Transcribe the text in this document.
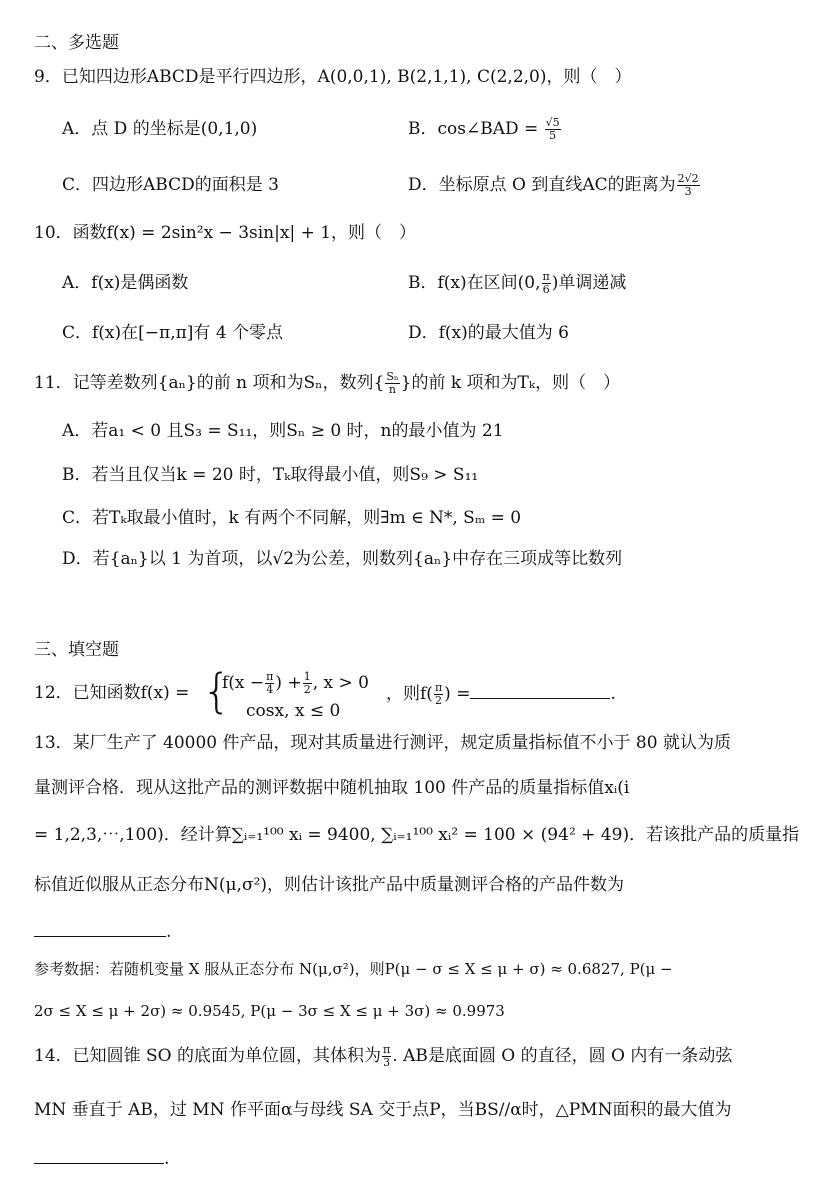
二、多选题
9．已知四边形ABCD是平行四边形，A(0,0,1), B(2,1,1), C(2,2,0)，则（　）
A．点 D 的坐标是(0,1,0)	B．cos∠BAD = $\frac{√5}{5}$
C．四边形ABCD的面积是 3	D．坐标原点 O 到直线AC的距离为 $\frac{2√2}{3}$
10．函数f(x) = 2sin²x − 3sin|x| + 1，则（　）
A．f(x)是偶函数	B．f(x)在区间(0, $\frac{\pi}{6}$ )单调递减
C．f(x)在[−π,π]有 4 个零点	D．f(x)的最大值为 6
11．记等差数列{aₙ}的前 n 项和为Sₙ，数列{ $\frac{\text{Sₙ}}{n}$ }的前 k 项和为Tₖ，则（　）
A．若a₁ < 0 且S₃ = S₁₁，则Sₙ ≥ 0 时，n的最小值为 21
B．若当且仅当k = 20 时，Tₖ取得最小值，则S₉ > S₁₁
C．若Tₖ取最小值时，k 有两个不同解，则∃m ∈ N*, Sₘ = 0
D．若{aₙ}以 1 为首项，以√2为公差，则数列{aₙ}中存在三项成等比数列
三、填空题
12．已知函数f(x) = {
$f(x - \frac{\pi}{4}$ ) + $\frac{1}{2}$ , x > 0
cosx, x ≤ 0
，则$f( \frac{\pi}{2}$ ) =	.
13．某厂生产了 40000 件产品，现对其质量进行测评，规定质量指标值不小于 80 就认为质
量测评合格．现从这批产品的测评数据中随机抽取 100 件产品的质量指标值xᵢ(i
= 1,2,3,⋯,100)．经计算∑ᵢ₌₁¹⁰⁰ xᵢ = 9400, ∑ᵢ₌₁¹⁰⁰ xᵢ² = 100 × (94² + 49)．若该批产品的质量指
标值近似服从正态分布N(μ,σ²)，则估计该批产品中质量测评合格的产品件数为
.
参考数据：若随机变量 X 服从正态分布 N(μ,σ²)，则P(μ − σ ≤ X ≤ μ + σ) ≈ 0.6827, P(μ −
2σ ≤ X ≤ μ + 2σ) ≈ 0.9545, P(μ − 3σ ≤ X ≤ μ + 3σ) ≈ 0.9973
14．已知圆锥 SO 的底面为单位圆，其体积为 $\frac{\pi}{3}$ . AB是底面圆 O 的直径，圆 O 内有一条动弦
MN 垂直于 AB，过 MN 作平面α与母线 SA 交于点P，当BS//α时，△PMN面积的最大值为
.
